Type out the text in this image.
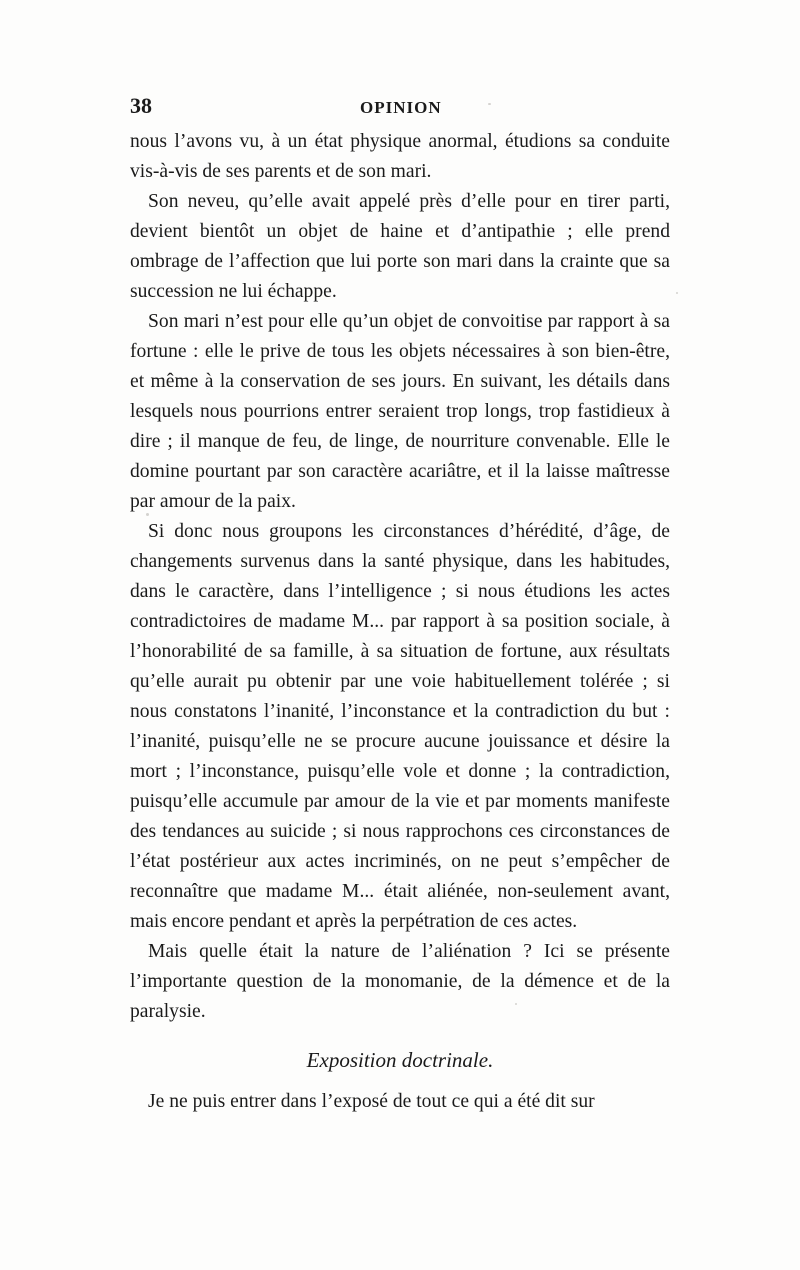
38	OPINION

nous l’avons vu, à un état physique anormal, étudions sa conduite vis-à-vis de ses parents et de son mari.

Son neveu, qu’elle avait appelé près d’elle pour en tirer parti, devient bientôt un objet de haine et d’antipathie ; elle prend ombrage de l’affection que lui porte son mari dans la crainte que sa succession ne lui échappe.

Son mari n’est pour elle qu’un objet de convoitise par rapport à sa fortune : elle le prive de tous les objets nécessaires à son bien-être, et même à la conservation de ses jours. En suivant, les détails dans lesquels nous pourrions entrer seraient trop longs, trop fastidieux à dire ; il manque de feu, de linge, de nourriture convenable. Elle le domine pourtant par son caractère acariâtre, et il la laisse maîtresse par amour de la paix.

Si donc nous groupons les circonstances d’hérédité, d’âge, de changements survenus dans la santé physique, dans les habitudes, dans le caractère, dans l’intelligence ; si nous étudions les actes contradictoires de madame M... par rapport à sa position sociale, à l’honorabilité de sa famille, à sa situation de fortune, aux résultats qu’elle aurait pu obtenir par une voie habituellement tolérée ; si nous constatons l’inanité, l’inconstance et la contradiction du but : l’inanité, puisqu’elle ne se procure aucune jouissance et désire la mort ; l’inconstance, puisqu’elle vole et donne ; la contradiction, puisqu’elle accumule par amour de la vie et par moments manifeste des tendances au suicide ; si nous rapprochons ces circonstances de l’état postérieur aux actes incriminés, on ne peut s’empêcher de reconnaître que madame M... était aliénée, non-seulement avant, mais encore pendant et après la perpétration de ces actes.

Mais quelle était la nature de l’aliénation ? Ici se présente l’importante question de la monomanie, de la démence et de la paralysie.

Exposition doctrinale.

Je ne puis entrer dans l’exposé de tout ce qui a été dit sur
